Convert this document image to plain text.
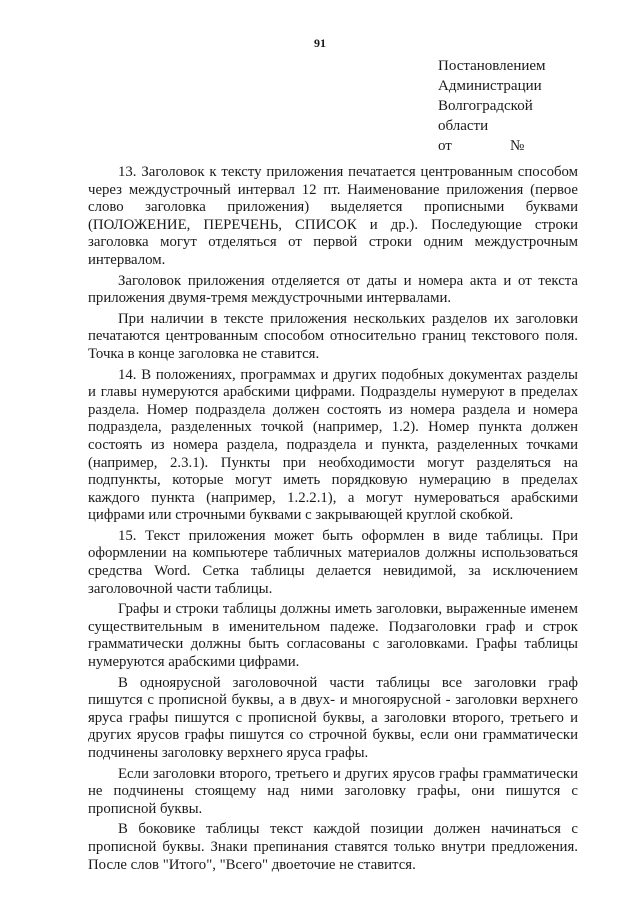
91
Постановлением
Администрации
Волгоградской
области
от	№

13. Заголовок к тексту приложения печатается центрованным способом через междустрочный интервал 12 пт. Наименование приложения (первое слово заголовка приложения) выделяется прописными буквами (ПОЛОЖЕНИЕ, ПЕРЕЧЕНЬ, СПИСОК и др.). Последующие строки заголовка могут отделяться от первой строки одним междустрочным интервалом.

Заголовок приложения отделяется от даты и номера акта и от текста приложения двумя-тремя междустрочными интервалами.

При наличии в тексте приложения нескольких разделов их заголовки печатаются центрованным способом относительно границ текстового поля. Точка в конце заголовка не ставится.

14. В положениях, программах и других подобных документах разделы и главы нумеруются арабскими цифрами. Подразделы нумеруют в пределах раздела. Номер подраздела должен состоять из номера раздела и номера подраздела, разделенных точкой (например, 1.2). Номер пункта должен состоять из номера раздела, подраздела и пункта, разделенных точками (например, 2.3.1). Пункты при необходимости могут разделяться на подпункты, которые могут иметь порядковую нумерацию в пределах каждого пункта (например, 1.2.2.1), а могут нумероваться арабскими цифрами или строчными буквами с закрывающей круглой скобкой.

15. Текст приложения может быть оформлен в виде таблицы. При оформлении на компьютере табличных материалов должны использоваться средства Word. Сетка таблицы делается невидимой, за исключением заголовочной части таблицы.

Графы и строки таблицы должны иметь заголовки, выраженные именем существительным в именительном падеже. Подзаголовки граф и строк грамматически должны быть согласованы с заголовками. Графы таблицы нумеруются арабскими цифрами.

В одноярусной заголовочной части таблицы все заголовки граф пишутся с прописной буквы, а в двух- и многоярусной - заголовки верхнего яруса графы пишутся с прописной буквы, а заголовки второго, третьего и других ярусов графы пишутся со строчной буквы, если они грамматически подчинены заголовку верхнего яруса графы.

Если заголовки второго, третьего и других ярусов графы грамматически не подчинены стоящему над ними заголовку графы, они пишутся с прописной буквы.

В боковике таблицы текст каждой позиции должен начинаться с прописной буквы. Знаки препинания ставятся только внутри предложения. После слов "Итого", "Всего" двоеточие не ставится.
